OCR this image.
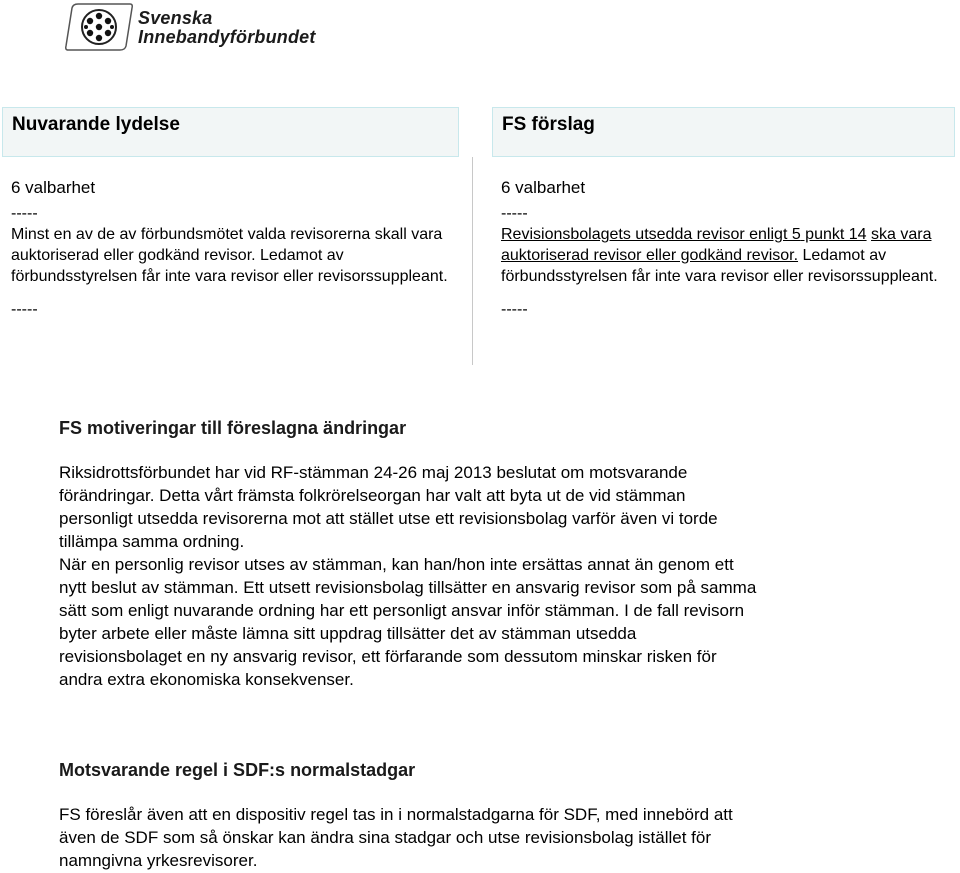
Svenska
Innebandyförbundet
Nuvarande lydelse	FS förslag
6 valbarhet
-----
Minst en av de av förbundsmötet valda revisorerna skall vara auktoriserad eller godkänd revisor. Ledamot av förbundsstyrelsen får inte vara revisor eller revisorssuppleant.
-----
6 valbarhet
-----
Revisionsbolagets utsedda revisor enligt 5 punkt 14 ska vara auktoriserad revisor eller godkänd revisor. Ledamot av förbundsstyrelsen får inte vara revisor eller revisorssuppleant.
-----
FS motiveringar till föreslagna ändringar
Riksidrottsförbundet har vid RF-stämman 24-26 maj 2013 beslutat om motsvarande
förändringar. Detta vårt främsta folkrörelseorgan har valt att byta ut de vid stämman
personligt utsedda revisorerna mot att stället utse ett revisionsbolag varför även vi torde
tillämpa samma ordning.
När en personlig revisor utses av stämman, kan han/hon inte ersättas annat än genom ett
nytt beslut av stämman. Ett utsett revisionsbolag tillsätter en ansvarig revisor som på samma
sätt som enligt nuvarande ordning har ett personligt ansvar inför stämman. I de fall revisorn
byter arbete eller måste lämna sitt uppdrag tillsätter det av stämman utsedda
revisionsbolaget en ny ansvarig revisor, ett förfarande som dessutom minskar risken för
andra extra ekonomiska konsekvenser.
Motsvarande regel i SDF:s normalstadgar
FS föreslår även att en dispositiv regel tas in i normalstadgarna för SDF, med innebörd att
även de SDF som så önskar kan ändra sina stadgar och utse revisionsbolag istället för
namngivna yrkesrevisorer.
